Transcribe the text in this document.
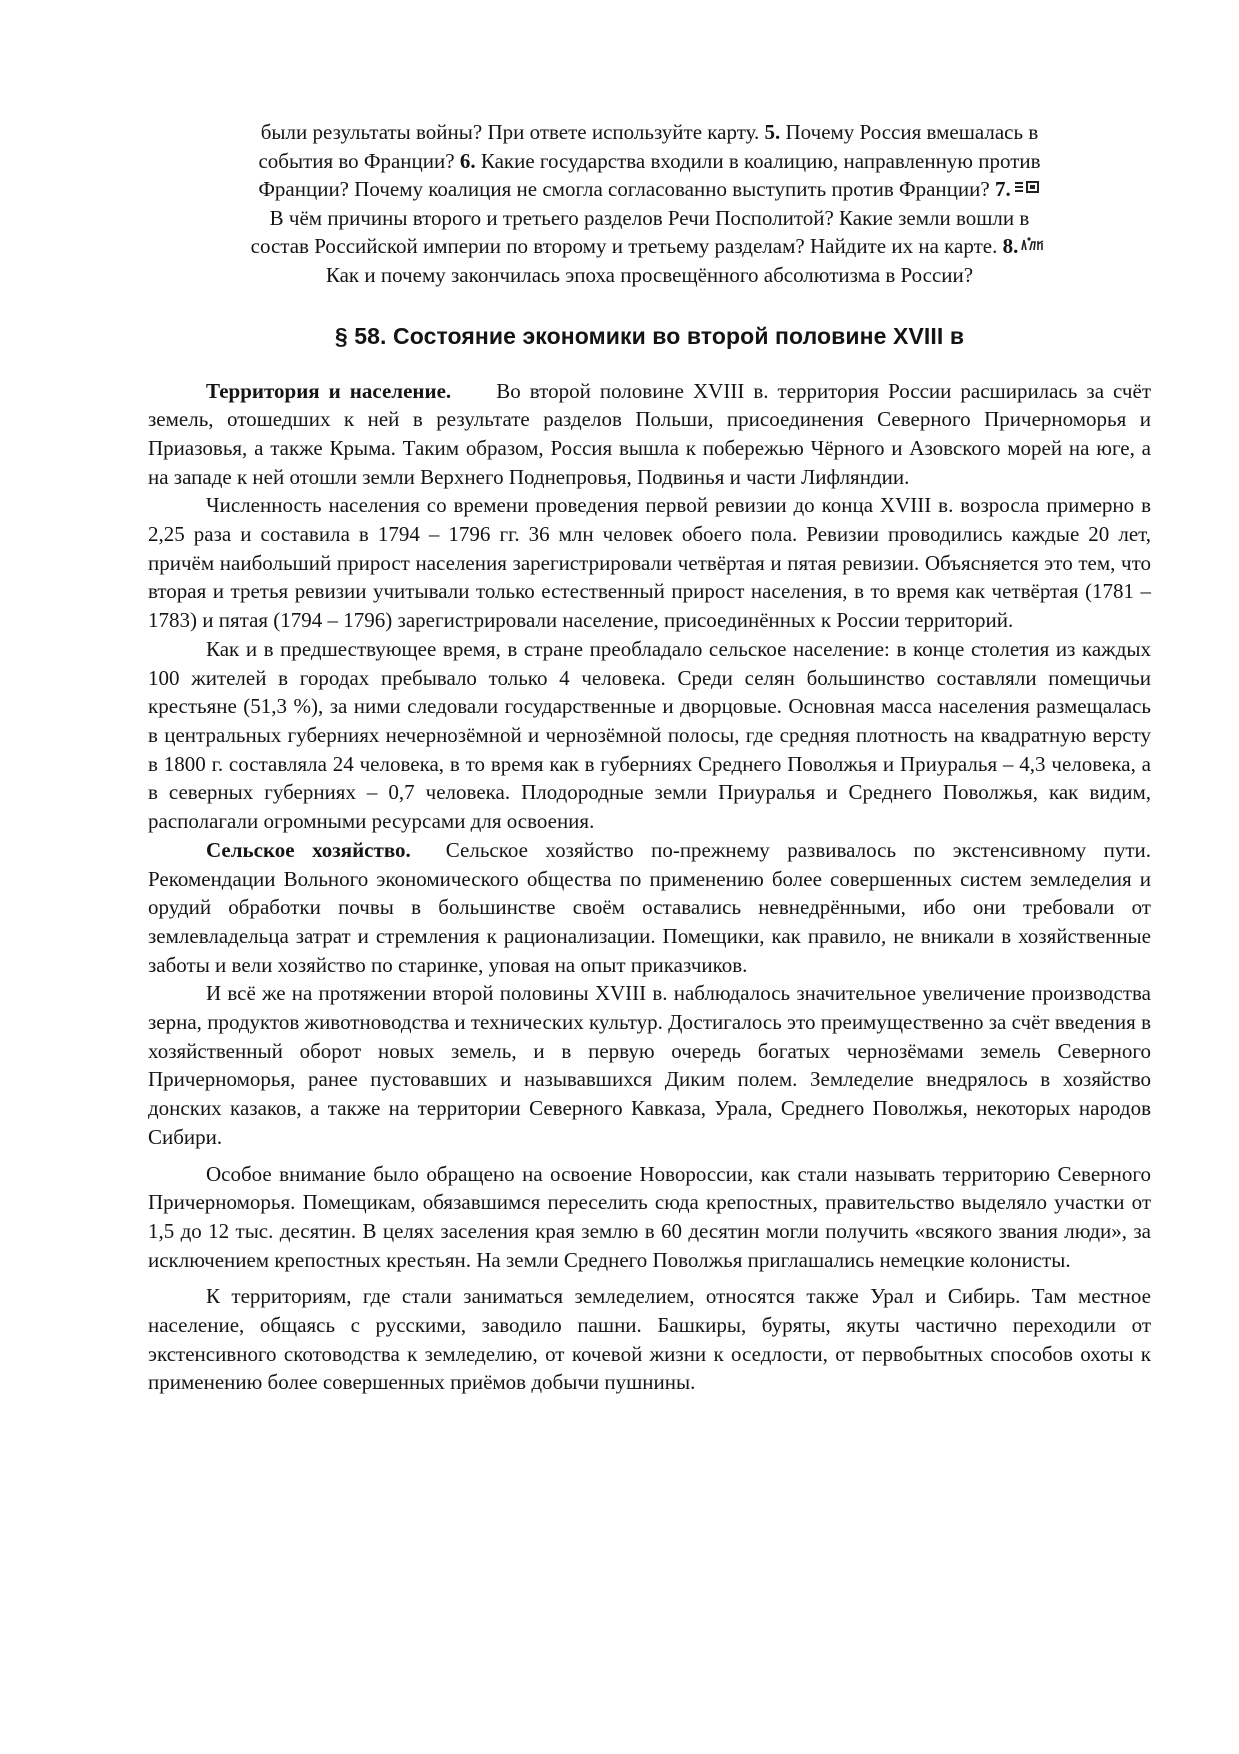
были результаты войны? При ответе используйте карту. 5. Почему Россия вмешалась в
события во Франции? 6. Какие государства входили в коалицию, направленную против
Франции? Почему коалиция не смогла согласованно выступить против Франции? 7.
В чём причины второго и третьего разделов Речи Посполитой? Какие земли вошли в
состав Российской империи по второму и третьему разделам? Найдите их на карте. 8.
Как и почему закончилась эпоха просвещённого абсолютизма в России?
§ 58. Состояние экономики во второй половине XVIII в

Территория и население.     Во второй половине XVIII в. территория России расширилась за счёт земель, отошедших к ней в результате разделов Польши, присоединения Северного Причерноморья и Приазовья, а также Крыма. Таким образом, Россия вышла к побережью Чёрного и Азовского морей на юге, а на западе к ней отошли земли Верхнего Поднепровья, Подвинья и части Лифляндии.

Численность населения со времени проведения первой ревизии до конца XVIII в. возросла примерно в 2,25 раза и составила в 1794 – 1796 гг. 36 млн человек обоего пола. Ревизии проводились каждые 20 лет, причём наибольший прирост населения зарегистрировали четвёртая и пятая ревизии. Объясняется это тем, что вторая и третья ревизии учитывали только естественный прирост населения, в то время как четвёртая (1781 – 1783) и пятая (1794 – 1796) зарегистрировали население, присоединённых к России территорий.

Как и в предшествующее время, в стране преобладало сельское население: в конце столетия из каждых 100 жителей в городах пребывало только 4 человека. Среди селян большинство составляли помещичьи крестьяне (51,3 %), за ними следовали государственные и дворцовые. Основная масса населения размещалась в центральных губерниях нечернозёмной и чернозёмной полосы, где средняя плотность на квадратную версту в 1800 г. составляла 24 человека, в то время как в губерниях Среднего Поволжья и Приуралья – 4,3 человека, а в северных губерниях – 0,7 человека. Плодородные земли Приуралья и Среднего Поволжья, как видим, располагали огромными ресурсами для освоения.

Сельское хозяйство.  Сельское хозяйство по-прежнему развивалось по экстенсивному пути. Рекомендации Вольного экономического общества по применению более совершенных систем земледелия и орудий обработки почвы в большинстве своём оставались невнедрёнными, ибо они требовали от землевладельца затрат и стремления к рационализации. Помещики, как правило, не вникали в хозяйственные заботы и вели хозяйство по старинке, уповая на опыт приказчиков.

И всё же на протяжении второй половины XVIII в. наблюдалось значительное увеличение производства зерна, продуктов животноводства и технических культур. Достигалось это преимущественно за счёт введения в хозяйственный оборот новых земель, и в первую очередь богатых чернозёмами земель Северного Причерноморья, ранее пустовавших и называвшихся Диким полем. Земледелие внедрялось в хозяйство донских казаков, а также на территории Северного Кавказа, Урала, Среднего Поволжья, некоторых народов Сибири.

Особое внимание было обращено на освоение Новороссии, как стали называть территорию Северного Причерноморья. Помещикам, обязавшимся переселить сюда крепостных, правительство выделяло участки от 1,5 до 12 тыс. десятин. В целях заселения края землю в 60 десятин могли получить «всякого звания люди», за исключением крепостных крестьян. На земли Среднего Поволжья приглашались немецкие колонисты.

К территориям, где стали заниматься земледелием, относятся также Урал и Сибирь. Там местное население, общаясь с русскими, заводило пашни. Башкиры, буряты, якуты частично переходили от экстенсивного скотоводства к земледелию, от кочевой жизни к оседлости, от первобытных способов охоты к применению более совершенных приёмов добычи пушнины.
